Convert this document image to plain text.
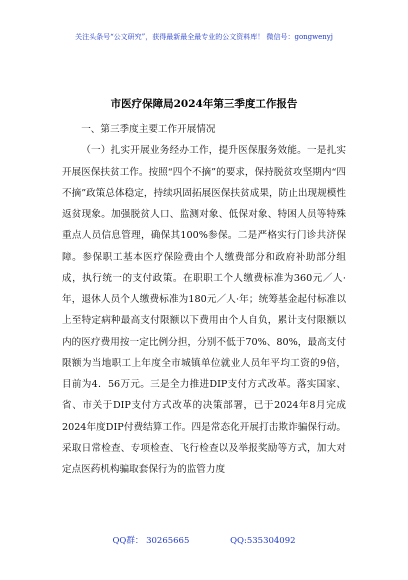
关注头条号“公文研究”，获得最新最全最专业的公文资料库！ 微信号：gongwenyj
市医疗保障局2024年第三季度工作报告

一、第三季度主要工作开展情况

（一）扎实开展业务经办工作，提升医保服务效能。一是扎实开展医保扶贫工作。按照“四个不摘”的要求，保持脱贫攻坚期内“四不摘”政策总体稳定，持续巩固拓展医保扶贫成果，防止出现规模性返贫现象。加强脱贫人口、监测对象、低保对象、特困人员等特殊重点人员信息管理，确保其100%参保。二是严格实行门诊共济保障。参保职工基本医疗保险费由个人缴费部分和政府补助部分组成，执行统一的支付政策。在职职工个人缴费标准为360元／人·年，退休人员个人缴费标准为180元／人·年；统筹基金起付标准以上至特定病种最高支付限额以下费用由个人自负，累计支付限额以内的医疗费用按一定比例分担，分别不低于70%、80%，最高支付限额为当地职工上年度全市城镇单位就业人员年平均工资的9倍，目前为4．56万元。三是全力推进DIP支付方式改革。落实国家、省、市关于DIP支付方式改革的决策部署，已于2024年8月完成2024年度DIP付费结算工作。四是常态化开展打击欺诈骗保行动。采取日常检查、专项检查、飞行检查以及举报奖励等方式，加大对定点医药机构骗取套保行为的监管力度

QQ群： 30265665	QQ:535304092
